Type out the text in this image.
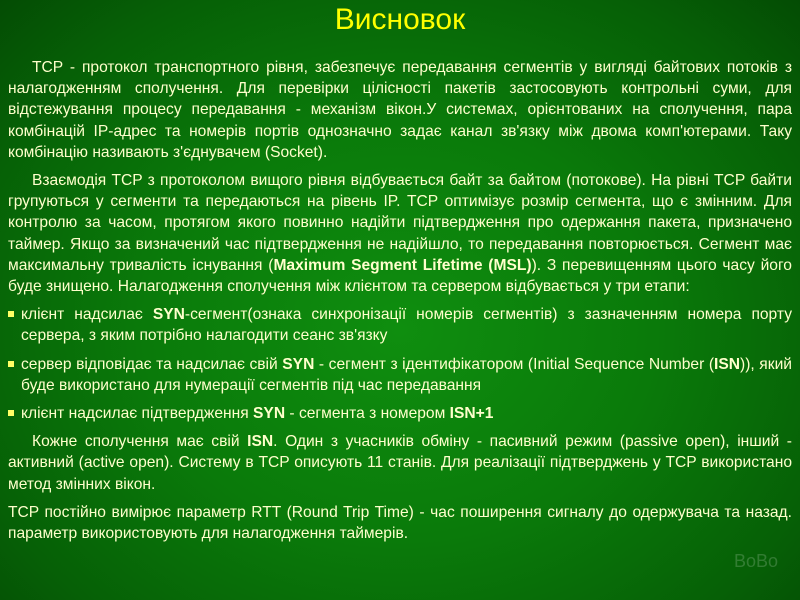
Висновок

TCP - протокол транспортного рівня, забезпечує передавання сегментів у вигляді байтових потоків з налагодженням сполучення. Для перевірки цілісності пакетів застосовують контрольні суми, для відстежування процесу передавання - механізм вікон.У системах, орієнтованих на сполучення, пара комбінацій IP-адрес та номерів портів однозначно задає канал зв'язку між двома комп'ютерами. Таку комбінацію називають з'єднувачем (Socket).

Взаємодія TCP з протоколом вищого рівня відбувається байт за байтом (потокове). На рівні TCP байти групуються у сегменти та передаються на рівень IP. TCP оптимізує розмір сегмента, що є змінним. Для контролю за часом, протягом якого повинно надійти підтвердження про одержання пакета, призначено таймер. Якщо за визначений час підтвердження не надійшло, то передавання повторюється. Сегмент має максимальну тривалість існування (Maximum Segment Lifetime (MSL)). З перевищенням цього часу його буде знищено. Налагодження сполучення між клієнтом та сервером відбувається у три етапи:

клієнт надсилає SYN-сегмент(ознака синхронізації номерів сегментів) з зазначенням номера порту сервера, з яким потрібно налагодити сеанс зв'язку
сервер відповідає та надсилає свій SYN - сегмент з ідентифікатором (Initial Sequence Number (ISN)), який буде використано для нумерації сегментів під час передавання
клієнт надсилає підтвердження SYN - сегмента з номером ISN+1

Кожне сполучення має свій ISN. Один з учасників обміну - пасивний режим (passive open), інший - активний (active open). Систему в TCP описують 11 станів. Для реалізації підтверджень у TCP використано метод змінних вікон.

TCP постійно вимірює параметр RTT (Round Trip Time) - час поширення сигналу до одержувача та назад. параметр використовують для налагодження таймерів.

BoBo
